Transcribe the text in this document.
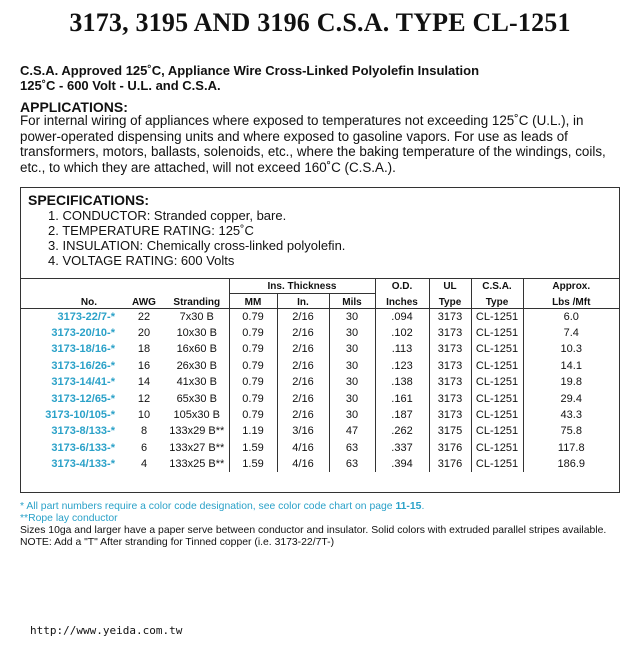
3173, 3195 AND 3196 C.S.A. TYPE CL-1251
C.S.A. Approved 125˚C, Appliance Wire Cross-Linked Polyolefin Insulation
125˚C - 600 Volt - U.L. and C.S.A.
APPLICATIONS:
For internal wiring of appliances where exposed to temperatures not exceeding 125˚C (U.L.), in power-operated dispensing units and where exposed to gasoline vapors. For use as leads of transformers, motors, ballasts, solenoids, etc., where the baking temperature of the windings, coils, etc., to which they are attached, will not exceed 160˚C (C.S.A.).
SPECIFICATIONS:
1. CONDUCTOR: Stranded copper, bare.
2. TEMPERATURE RATING: 125˚C
3. INSULATION: Chemically cross-linked polyolefin.
4. VOLTAGE RATING: 600 Volts
			Ins. Thickness			O.D.	UL	C.S.A.	Approx.
No.	AWG	Stranding	MM	In.	Mils	Inches	Type	Type	Lbs /Mft
3173-22/7-*	22	7x30 B	0.79	2/16	30	.094	3173	CL-1251	6.0
3173-20/10-*	20	10x30 B	0.79	2/16	30	.102	3173	CL-1251	7.4
3173-18/16-*	18	16x60 B	0.79	2/16	30	.113	3173	CL-1251	10.3
3173-16/26-*	16	26x30 B	0.79	2/16	30	.123	3173	CL-1251	14.1
3173-14/41-*	14	41x30 B	0.79	2/16	30	.138	3173	CL-1251	19.8
3173-12/65-*	12	65x30 B	0.79	2/16	30	.161	3173	CL-1251	29.4
3173-10/105-*	10	105x30 B	0.79	2/16	30	.187	3173	CL-1251	43.3
3173-8/133-*	8	133x29 B**	1.19	3/16	47	.262	3175	CL-1251	75.8
3173-6/133-*	6	133x27 B**	1.59	4/16	63	.337	3176	CL-1251	117.8
3173-4/133-*	4	133x25 B**	1.59	4/16	63	.394	3176	CL-1251	186.9
* All part numbers require a color code designation, see color code chart on page 11-15.
**Rope lay conductor
Sizes 10ga and larger have a paper serve between conductor and insulator. Solid colors with extruded parallel stripes available. NOTE: Add a "T" After stranding for Tinned copper (i.e. 3173-22/7T-)
http://www.yeida.com.tw
